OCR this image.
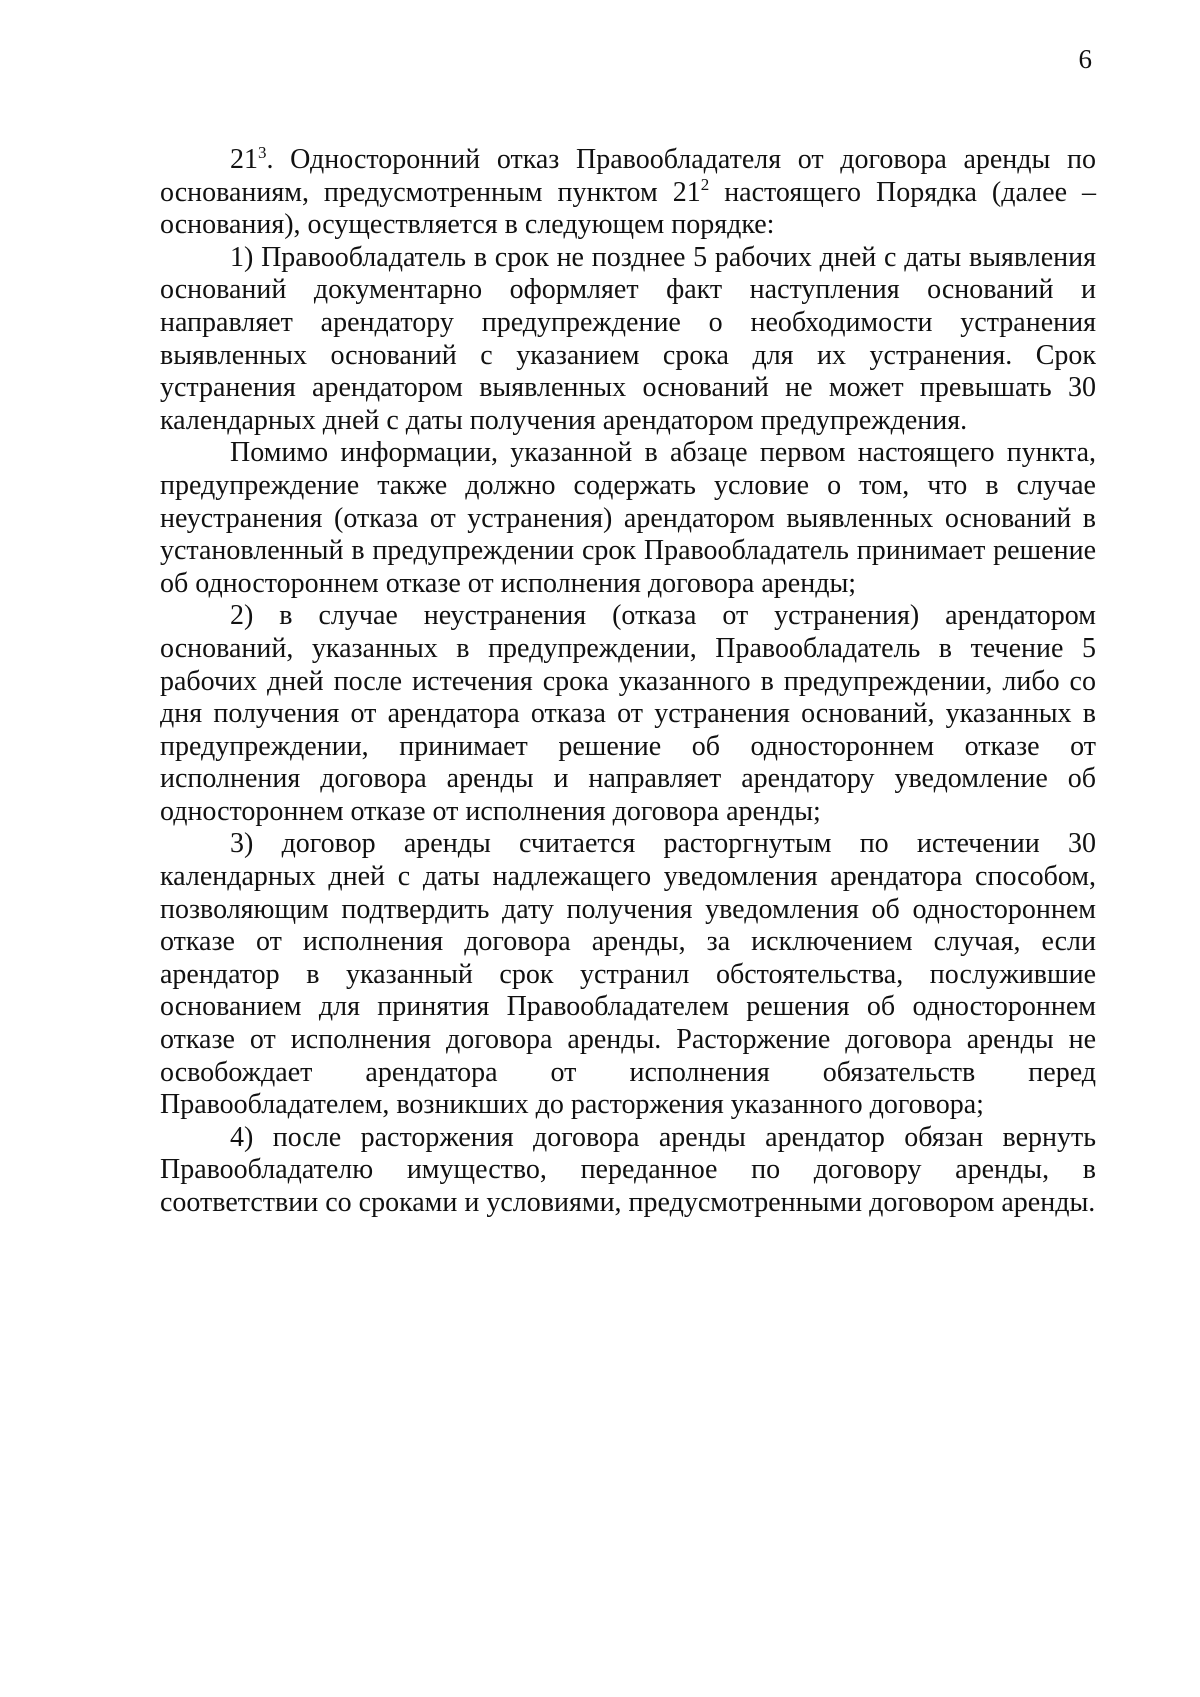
6

$21^3$. Односторонний отказ Правообладателя от договора аренды по основаниям, предусмотренным пунктом $21^2$ настоящего Порядка (далее – основания), осуществляется в следующем порядке:

1) Правообладатель в срок не позднее 5 рабочих дней с даты выявления оснований документарно оформляет факт наступления оснований и направляет арендатору предупреждение о необходимости устранения выявленных оснований с указанием срока для их устранения. Срок устранения арендатором выявленных оснований не может превышать 30 календарных дней с даты получения арендатором предупреждения.

Помимо информации, указанной в абзаце первом настоящего пункта, предупреждение также должно содержать условие о том, что в случае неустранения (отказа от устранения) арендатором выявленных оснований в установленный в предупреждении срок Правообладатель принимает решение об одностороннем отказе от исполнения договора аренды;

2) в случае неустранения (отказа от устранения) арендатором оснований, указанных в предупреждении, Правообладатель в течение 5 рабочих дней после истечения срока указанного в предупреждении, либо со дня получения от арендатора отказа от устранения оснований, указанных в предупреждении, принимает решение об одностороннем отказе от исполнения договора аренды и направляет арендатору уведомление об одностороннем отказе от исполнения договора аренды;

3) договор аренды считается расторгнутым по истечении 30 календарных дней с даты надлежащего уведомления арендатора способом, позволяющим подтвердить дату получения уведомления об одностороннем отказе от исполнения договора аренды, за исключением случая, если арендатор в указанный срок устранил обстоятельства, послужившие основанием для принятия Правообладателем решения об одностороннем отказе от исполнения договора аренды. Расторжение договора аренды не освобождает арендатора от исполнения обязательств перед Правообладателем, возникших до расторжения указанного договора;

4) после расторжения договора аренды арендатор обязан вернуть Правообладателю имущество, переданное по договору аренды, в соответствии со сроками и условиями, предусмотренными договором аренды.
